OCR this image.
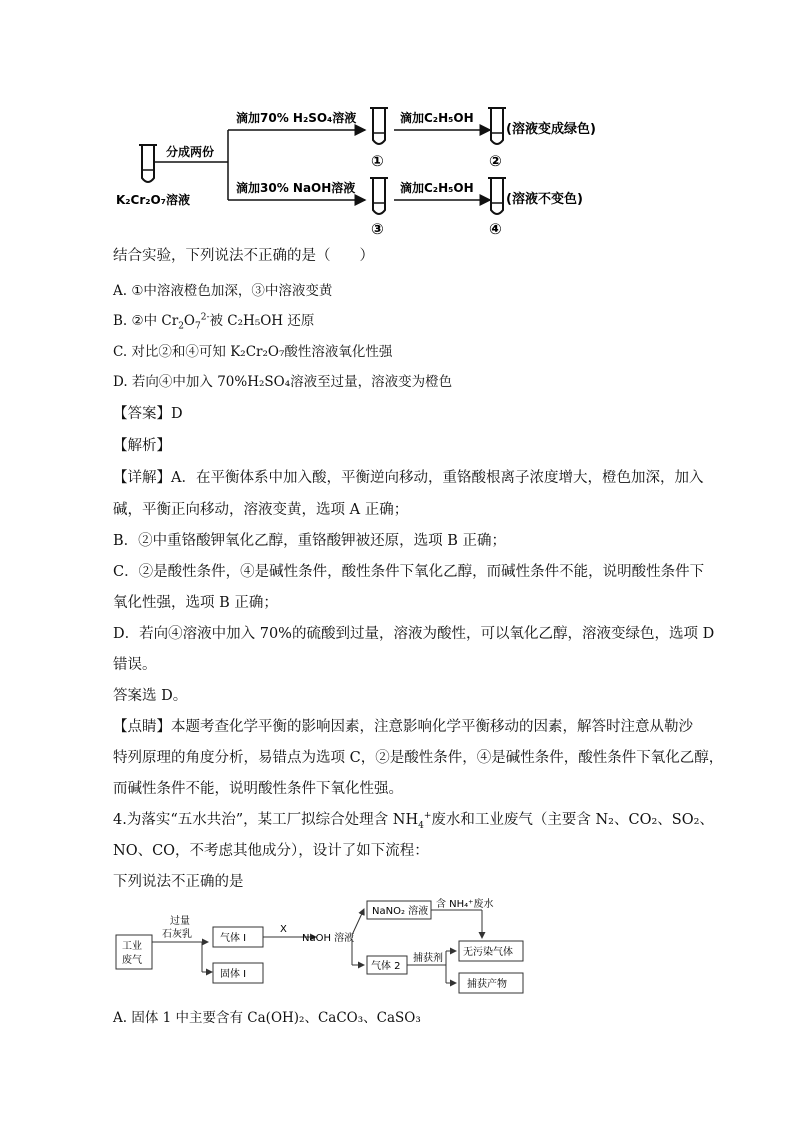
K₂Cr₂O₇溶液
分成两份
滴加70% H₂SO₄溶液
滴加30% NaOH溶液
①
③
滴加C₂H₅OH
滴加C₂H₅OH
②
④
(溶液变成绿色)
(溶液不变色)
结合实验，下列说法不正确的是（　　）
A. ①中溶液橙色加深，③中溶液变黄
B. ②中 $Cr_2O_7^{2-}$被 C₂H₅OH 还原
C. 对比②和④可知 K₂Cr₂O₇酸性溶液氧化性强
D. 若向④中加入 70%H₂SO₄溶液至过量，溶液变为橙色
【答案】D
【解析】
【详解】A．在平衡体系中加入酸，平衡逆向移动，重铬酸根离子浓度增大，橙色加深，加入
碱，平衡正向移动，溶液变黄，选项 A 正确；
B．②中重铬酸钾氧化乙醇，重铬酸钾被还原，选项 B 正确；
C．②是酸性条件，④是碱性条件，酸性条件下氧化乙醇，而碱性条件不能，说明酸性条件下
氧化性强，选项 B 正确；
D．若向④溶液中加入 70%的硫酸到过量，溶液为酸性，可以氧化乙醇，溶液变绿色，选项 D
错误。
答案选 D。
【点睛】本题考查化学平衡的影响因素，注意影响化学平衡移动的因素，解答时注意从勒沙
特列原理的角度分析，易错点为选项 C，②是酸性条件，④是碱性条件，酸性条件下氧化乙醇，
而碱性条件不能，说明酸性条件下氧化性强。
4.为落实“五水共治”，某工厂拟综合处理含 $NH_4^+$废水和工业废气（主要含 N₂、CO₂、SO₂、
NO、CO，不考虑其他成分），设计了如下流程：
下列说法不正确的是
工业
废气
过量
石灰乳	气体 I
固体 I
X
NaOH 溶液
NaNO₂ 溶液
含 NH₄⁺废水
气体 2
捕获剂
无污染气体
捕获产物
A. 固体 1 中主要含有 Ca(OH)₂、CaCO₃、CaSO₃
